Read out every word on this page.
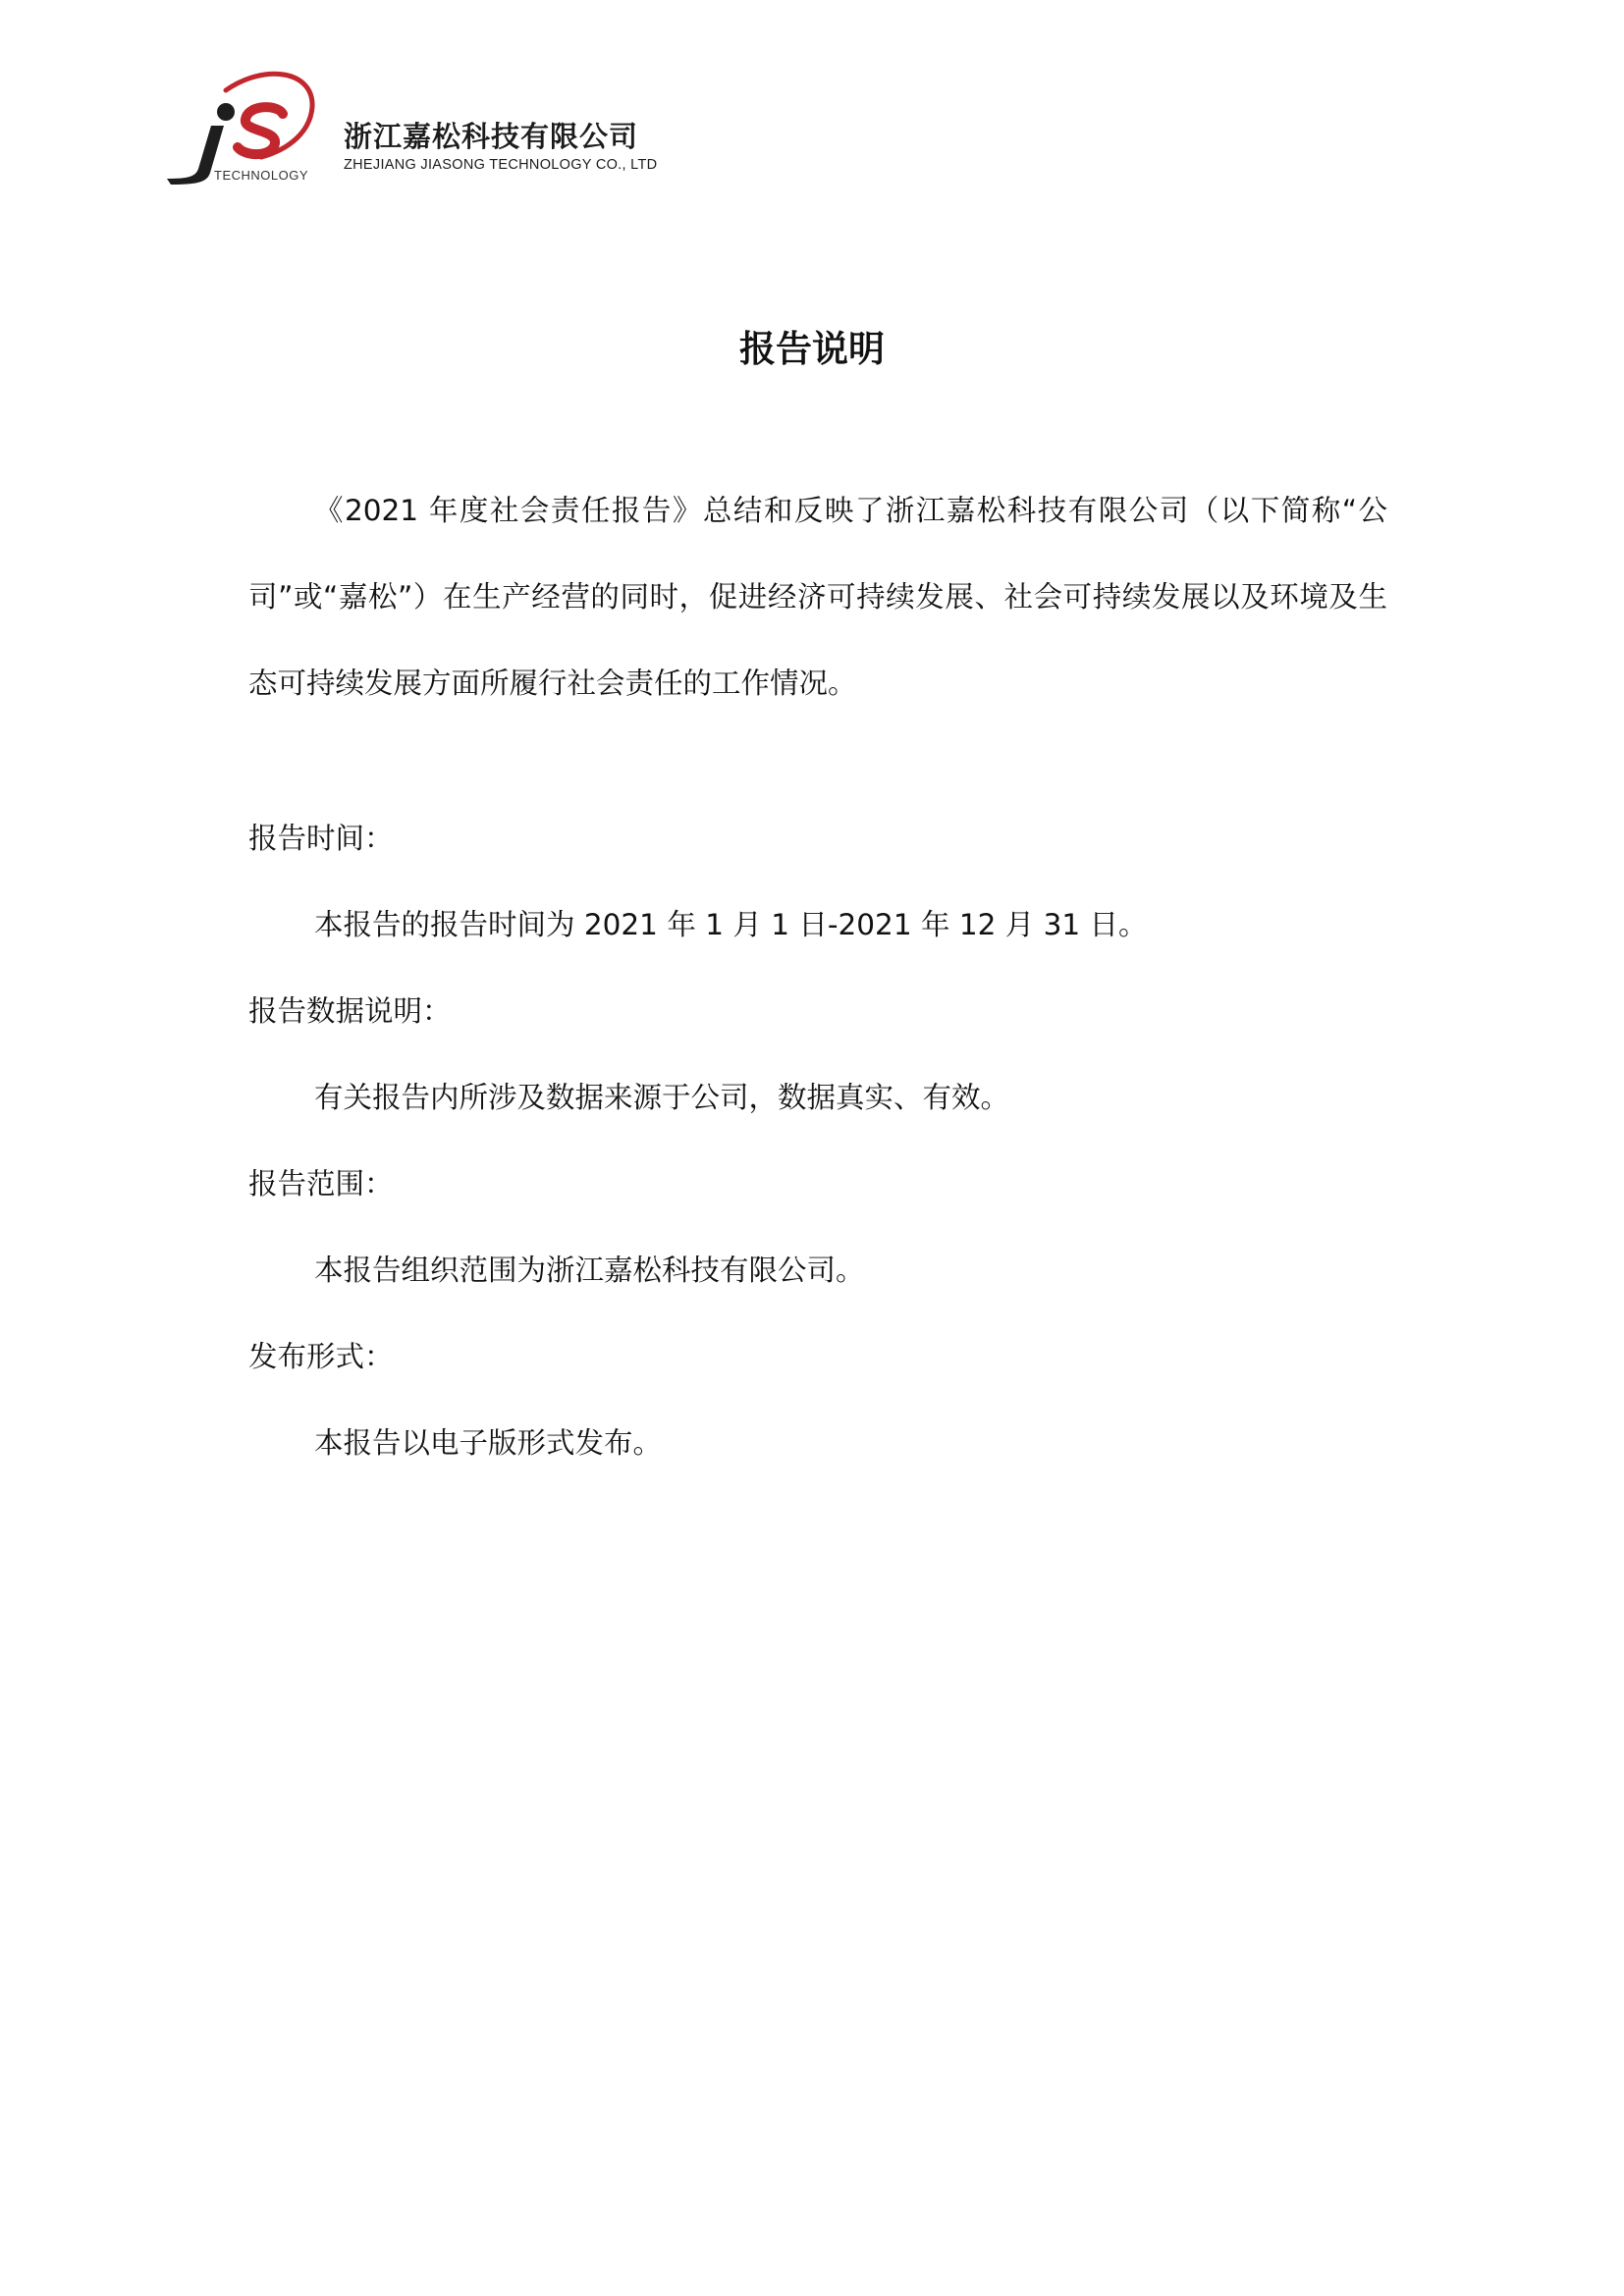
TECHNOLOGY
浙江嘉松科技有限公司
ZHEJIANG JIASONG TECHNOLOGY CO., LTD
报告说明

《2021 年度社会责任报告》总结和反映了浙江嘉松科技有限公司（以下简称“公司”或“嘉松”）在生产经营的同时，促进经济可持续发展、社会可持续发展以及环境及生态可持续发展方面所履行社会责任的工作情况。

报告时间：

本报告的报告时间为 2021 年 1 月 1 日-2021 年 12 月 31 日。

报告数据说明：

有关报告内所涉及数据来源于公司，数据真实、有效。

报告范围：

本报告组织范围为浙江嘉松科技有限公司。

发布形式：

本报告以电子版形式发布。
